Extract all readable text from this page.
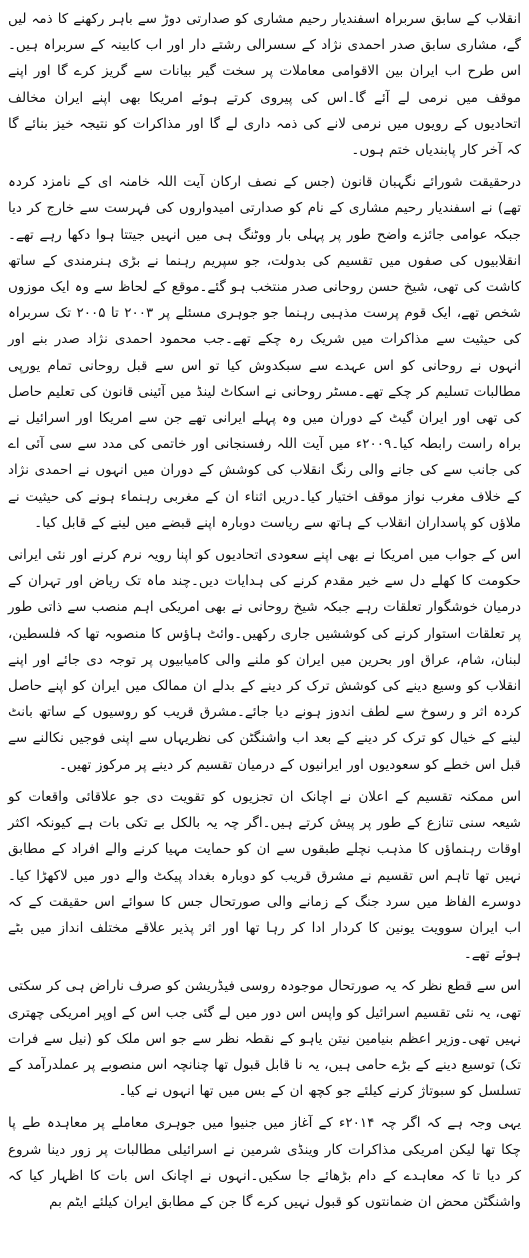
انقلاب کے سابق سربراہ اسفندیار رحیم مشاری کو صدارتی دوڑ سے باہر رکھنے کا ذمہ لیں گے، مشاری سابق صدر احمدی نژاد کے سسرالی رشتے دار اور اب کابینہ کے سربراہ ہیں۔اس طرح اب ایران بین الاقوامی معاملات پر سخت گیر بیانات سے گریز کرے گا اور اپنے موقف میں نرمی لے آئے گا۔اس کی پیروی کرتے ہوئے امریکا بھی اپنے ایران مخالف اتحادیوں کے رویوں میں نرمی لانے کی ذمہ داری لے گا اور مذاکرات کو نتیجہ خیز بنائے گا کہ آخر کار پابندیاں ختم ہوں۔

درحقیقت شورائے نگہبان قانون (جس کے نصف ارکان آیت اللہ خامنہ ای کے نامزد کردہ تھے) نے اسفندیار رحیم مشاری کے نام کو صدارتی امیدواروں کی فہرست سے خارج کر دیا جبکہ عوامی جائزے واضح طور پر پہلی بار ووٹنگ ہی میں انہیں جیتتا ہوا دکھا رہے تھے۔انقلابیوں کی صفوں میں تقسیم کی بدولت، جو سپریم رہنما نے بڑی ہنرمندی کے ساتھ کاشت کی تھی، شیخ حسن روحانی صدر منتخب ہو گئے۔موقع کے لحاظ سے وہ ایک موزوں شخص تھے، ایک قوم پرست مذہبی رہنما جو جوہری مسئلے پر ۲۰۰۳ تا ۲۰۰۵ تک سربراہ کی حیثیت سے مذاکرات میں شریک رہ چکے تھے۔جب محمود احمدی نژاد صدر بنے اور انہوں نے روحانی کو اس عہدے سے سبکدوش کیا تو اس سے قبل روحانی تمام یورپی مطالبات تسلیم کر چکے تھے۔مسٹر روحانی نے اسکاٹ لینڈ میں آئینی قانون کی تعلیم حاصل کی تھی اور ایران گیٹ کے دوران میں وہ پہلے ایرانی تھے جن سے امریکا اور اسرائیل نے براہ راست رابطہ کیا۔۲۰۰۹ء میں آیت اللہ رفسنجانی اور خاتمی کی مدد سے سی آئی اے کی جانب سے کی جانے والی رنگ انقلاب کی کوشش کے دوران میں انہوں نے احمدی نژاد کے خلاف مغرب نواز موقف اختیار کیا۔دریں اثناء ان کے مغربی رہنماء ہونے کی حیثیت نے ملاؤں کو پاسداران انقلاب کے ہاتھ سے ریاست دوبارہ اپنے قبضے میں لینے کے قابل کیا۔

اس کے جواب میں امریکا نے بھی اپنے سعودی اتحادیوں کو اپنا رویہ نرم کرنے اور نئی ایرانی حکومت کا کھلے دل سے خیر مقدم کرنے کی ہدایات دیں۔چند ماہ تک ریاض اور تہران کے درمیان خوشگوار تعلقات رہے جبکہ شیخ روحانی نے بھی امریکی اہم منصب سے ذاتی طور پر تعلقات استوار کرنے کی کوششیں جاری رکھیں۔وائٹ ہاؤس کا منصوبہ تھا کہ فلسطین، لبنان، شام، عراق اور بحرین میں ایران کو ملنے والی کامیابیوں پر توجہ دی جائے اور اپنے انقلاب کو وسیع دینے کی کوشش ترک کر دینے کے بدلے ان ممالک میں ایران کو اپنے حاصل کردہ اثر و رسوخ سے لطف اندوز ہونے دیا جائے۔مشرق قریب کو روسیوں کے ساتھ بانٹ لینے کے خیال کو ترک کر دینے کے بعد اب واشنگٹن کی نظریہاں سے اپنی فوجیں نکالنے سے قبل اس خطے کو سعودیوں اور ایرانیوں کے درمیان تقسیم کر دینے پر مرکوز تھیں۔

اس ممکنہ تقسیم کے اعلان نے اچانک ان تجزیوں کو تقویت دی جو علاقائی واقعات کو شیعہ سنی تنازع کے طور پر پیش کرتے ہیں۔اگر چہ یہ بالکل بے تکی بات ہے کیونکہ اکثر اوقات رہنماؤں کا مذہب نچلے طبقوں سے ان کو حمایت مہیا کرنے والے افراد کے مطابق نہیں تھا تاہم اس تقسیم نے مشرق قریب کو دوبارہ بغداد پیکٹ والے دور میں لاکھڑا کیا۔دوسرے الفاظ میں سرد جنگ کے زمانے والی صورتحال جس کا سوائے اس حقیقت کے کہ اب ایران سوویت یونین کا کردار ادا کر رہا تھا اور اثر پذیر علاقے مختلف انداز میں بٹے ہوئے تھے۔

اس سے قطع نظر کہ یہ صورتحال موجودہ روسی فیڈریشن کو صرف ناراض ہی کر سکتی تھی، یہ نئی تقسیم اسرائیل کو واپس اس دور میں لے گئی جب اس کے اوپر امریکی چھتری نہیں تھی۔وزیر اعظم بنیامین نیتن یاہو کے نقطہ نظر سے جو اس ملک کو (نیل سے فرات تک) توسیع دینے کے بڑے حامی ہیں، یہ نا قابل قبول تھا چنانچہ اس منصوبے پر عملدرآمد کے تسلسل کو سبوتاژ کرنے کیلئے جو کچھ ان کے بس میں تھا انہوں نے کیا۔

یہی وجہ ہے کہ اگر چہ ۲۰۱۴ء کے آغاز میں جنیوا میں جوہری معاملے پر معاہدہ طے پا چکا تھا لیکن امریکی مذاکرات کار وینڈی شرمین نے اسرائیلی مطالبات پر زور دینا شروع کر دیا تا کہ معاہدے کے دام بڑھائے جا سکیں۔انہوں نے اچانک اس بات کا اظہار کیا کہ واشنگٹن محض ان ضمانتوں کو قبول نہیں کرے گا جن کے مطابق ایران کیلئے ایٹم بم
